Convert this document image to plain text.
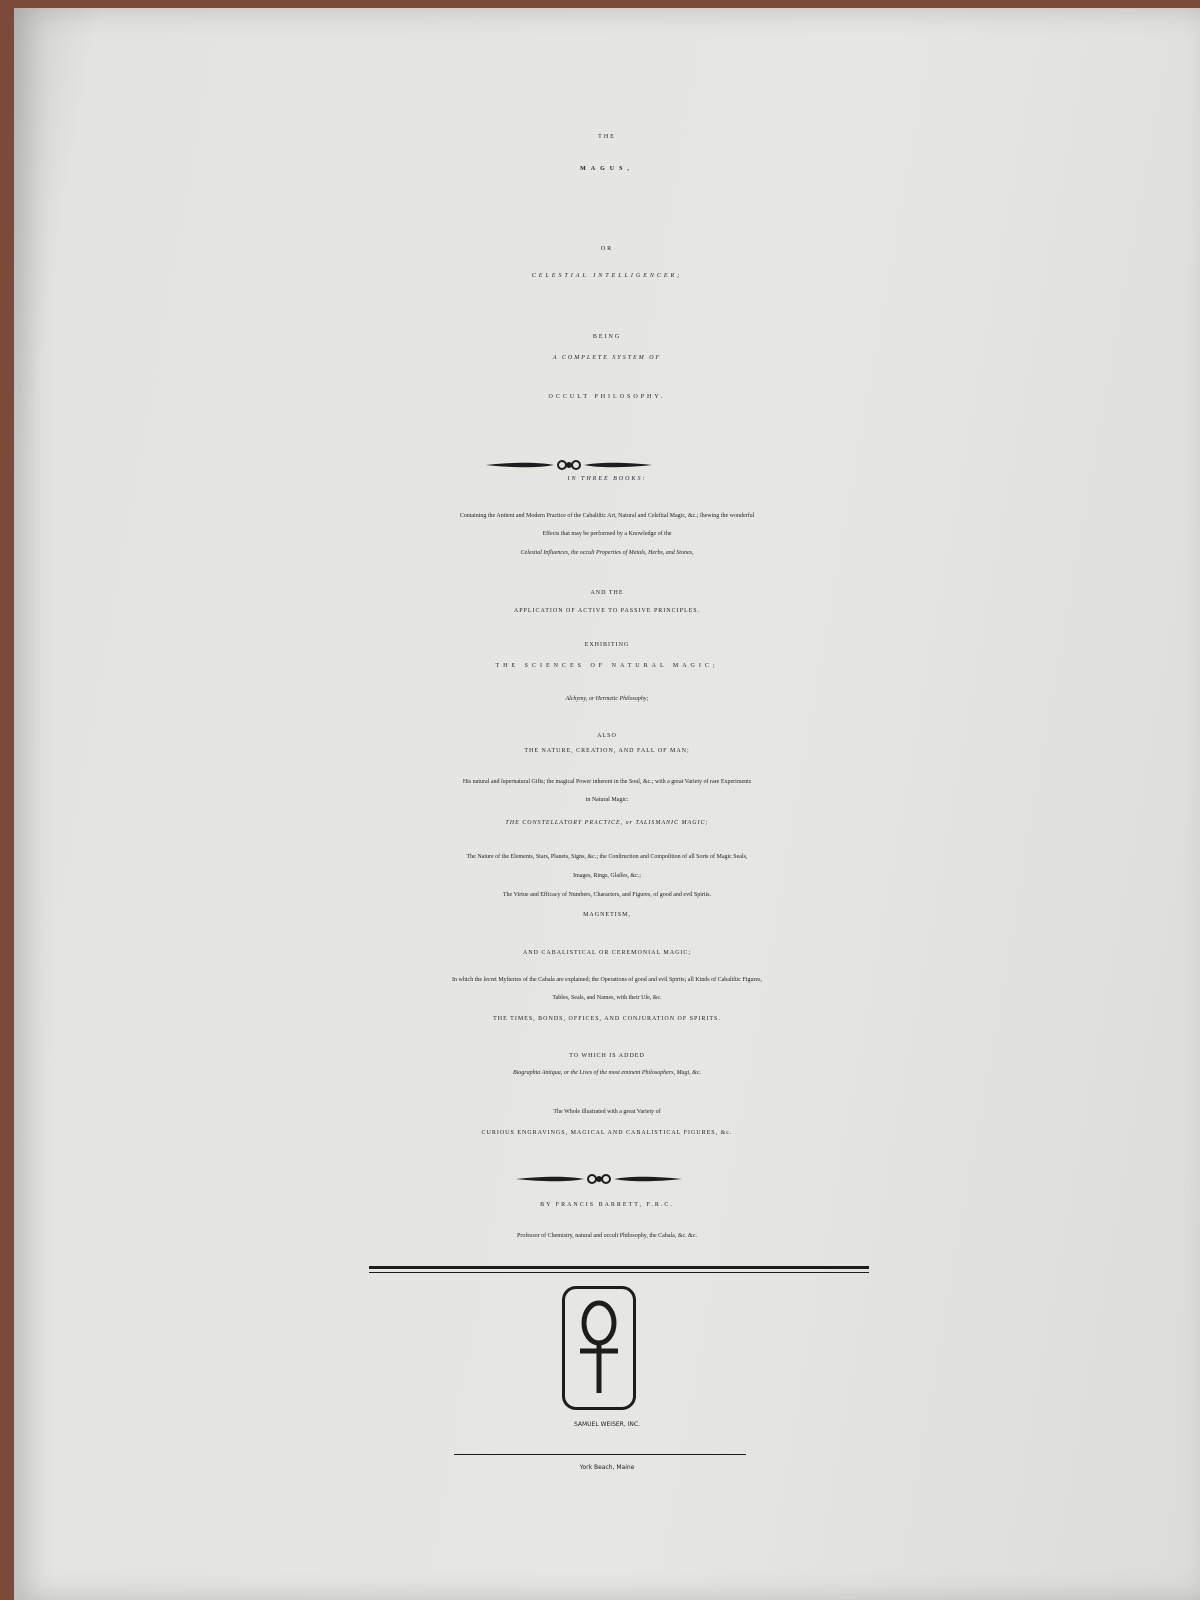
THE
MAGUS,
OR
CELESTIAL INTELLIGENCER;
BEING
A COMPLETE SYSTEM OF
OCCULT PHILOSOPHY.
IN THREE BOOKS:
Containing the Antient and Modern Practice of the Cabaliſtic Art, Natural and Celeſtial Magic, &c.; ſhewing the wonderful
Effects that may be performed by a Knowledge of the
Celestial Influences, the occult Properties of Metals, Herbs, and Stones,
AND THE
APPLICATION OF ACTIVE TO PASSIVE PRINCIPLES.
EXHIBITING
THE SCIENCES OF NATURAL MAGIC;
Alchymy, or Hermetic Philosophy;
ALSO
THE NATURE, CREATION, AND FALL OF MAN;
His natural and ſupernatural Gifts; the magical Power inherent in the Soul, &c.; with a great Variety of rare Experiments
in Natural Magic:
THE CONSTELLATORY PRACTICE, or TALISMANIC MAGIC;
The Nature of the Elements, Stars, Planets, Signs, &c.; the Conſtruction and Compoſition of all Sorts of Magic Seals,
Images, Rings, Glaſſes, &c.;
The Virtue and Efficacy of Numbers, Characters, and Figures, of good and evil Spirits.
MAGNETISM,
AND CABALISTICAL OR CEREMONIAL MAGIC;
In which the ſecret Myſteries of the Cabala are explained; the Operations of good and evil Spirits; all Kinds of Cabaliſtic Figures,
Tables, Seals, and Names, with their Uſe, &c.
THE TIMES, BONDS, OFFICES, AND CONJURATION OF SPIRITS.
TO WHICH IS ADDED
Biographia Antiqua, or the Lives of the most eminent Philosophers, Magi, &c.
The Whole illustrated with a great Variety of
CURIOUS ENGRAVINGS, MAGICAL AND CABALISTICAL FIGURES, &c.
BY FRANCIS BARRETT, F.R.C.
Professor of Chemistry, natural and occult Philosophy, the Cabala, &c. &c.
SAMUEL WEISER, INC.
York Beach, Maine
